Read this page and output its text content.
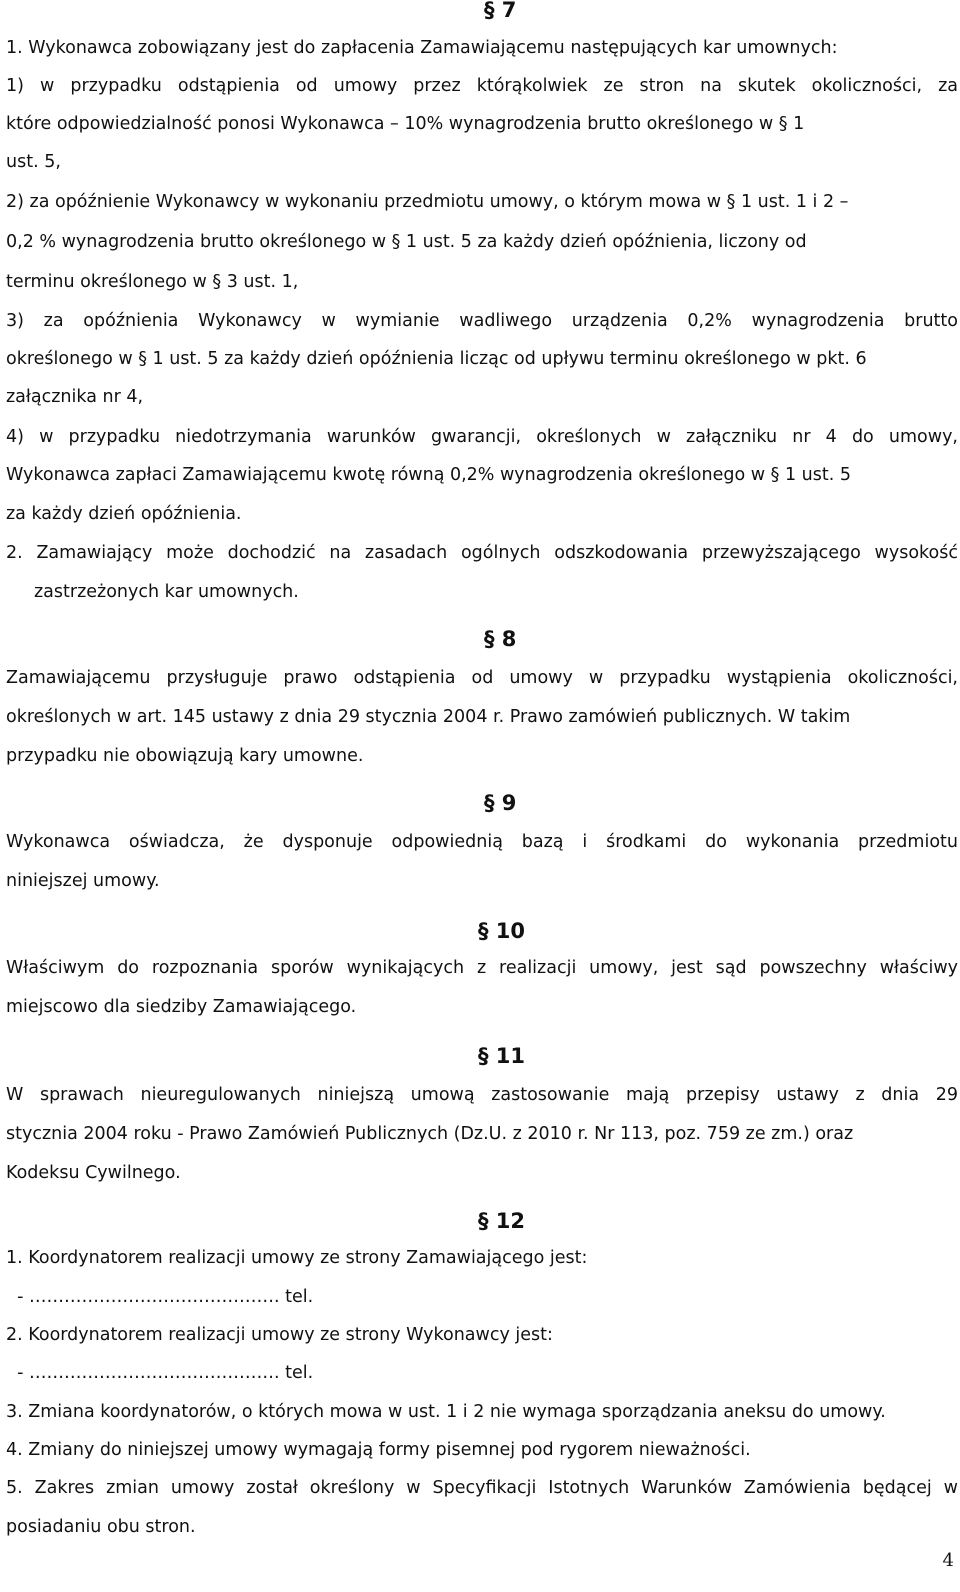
§ 7
1. Wykonawca zobowiązany jest do zapłacenia Zamawiającemu następujących kar umownych:
1) w przypadku odstąpienia od umowy przez którąkolwiek ze stron na skutek okoliczności, za
które odpowiedzialność ponosi Wykonawca – 10% wynagrodzenia brutto określonego w § 1
ust. 5,
2) za opóźnienie Wykonawcy w wykonaniu przedmiotu umowy, o którym mowa w § 1 ust. 1 i 2 –
0,2 % wynagrodzenia brutto określonego w § 1 ust. 5 za każdy dzień opóźnienia, liczony od
terminu określonego w § 3 ust. 1,
3) za opóźnienia Wykonawcy w wymianie wadliwego urządzenia 0,2% wynagrodzenia brutto
określonego w § 1 ust. 5 za każdy dzień opóźnienia licząc od upływu terminu określonego w pkt. 6
załącznika nr 4,
4) w przypadku niedotrzymania warunków gwarancji, określonych w załączniku nr 4 do umowy,
Wykonawca zapłaci Zamawiającemu kwotę równą 0,2% wynagrodzenia określonego w § 1 ust. 5
za każdy dzień opóźnienia.
2. Zamawiający może dochodzić na zasadach ogólnych odszkodowania przewyższającego wysokość
zastrzeżonych kar umownych.
§ 8
Zamawiającemu przysługuje prawo odstąpienia od umowy w przypadku wystąpienia okoliczności,
określonych w art. 145 ustawy z dnia 29 stycznia 2004 r. Prawo zamówień publicznych. W takim
przypadku nie obowiązują kary umowne.
§ 9
Wykonawca oświadcza, że dysponuje odpowiednią bazą i środkami do wykonania przedmiotu
niniejszej umowy.
§ 10
Właściwym do rozpoznania sporów wynikających z realizacji umowy, jest sąd powszechny właściwy
miejscowo dla siedziby Zamawiającego.
§ 11
W sprawach nieuregulowanych niniejszą umową zastosowanie mają przepisy ustawy z dnia 29
stycznia 2004 roku - Prawo Zamówień Publicznych (Dz.U. z 2010 r. Nr 113, poz. 759 ze zm.) oraz
Kodeksu Cywilnego.
§ 12
1. Koordynatorem realizacji umowy ze strony Zamawiającego jest:
- ……………………………………. tel.
2. Koordynatorem realizacji umowy ze strony Wykonawcy jest:
- ……………………………………. tel.
3. Zmiana koordynatorów, o których mowa w ust. 1 i 2 nie wymaga sporządzania aneksu do umowy.
4. Zmiany do niniejszej umowy wymagają formy pisemnej pod rygorem nieważności.
5. Zakres zmian umowy został określony w Specyfikacji Istotnych Warunków Zamówienia będącej w
posiadaniu obu stron.
4
